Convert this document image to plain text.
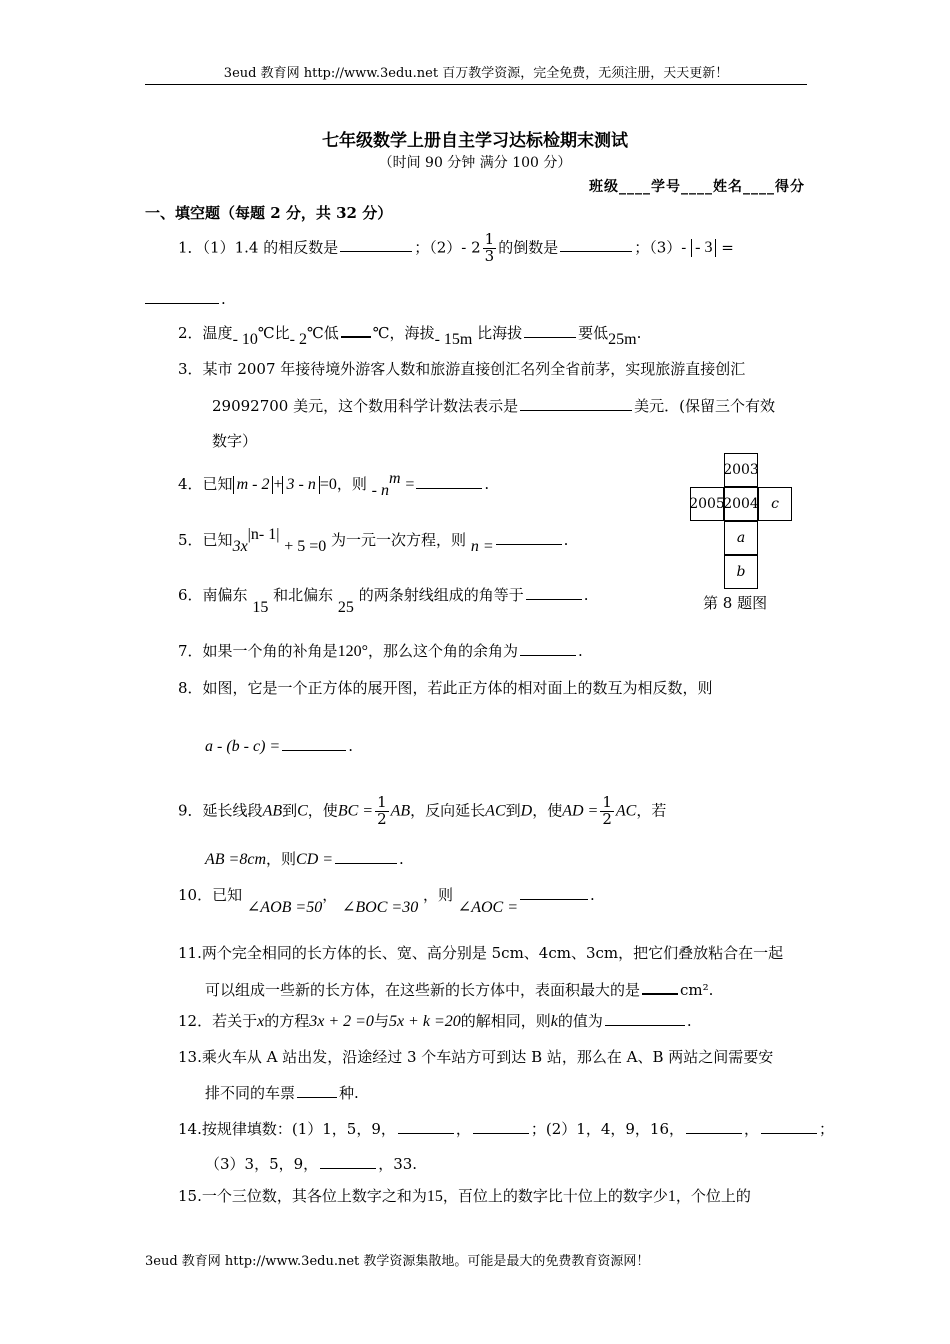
3eud 教育网 http://www.3edu.net 百万教学资源，完全免费，无须注册，天天更新！
七年级数学上册自主学习达标检期末测试
（时间 90 分钟 满分 100 分）
班级____学号____姓名____得分
一、填空题（每题 2 分，共 32 分）
1．（1）1.4 的相反数是	；（2）- $2 \frac{1}{3}$ 的倒数是	；（3）- - 3 =
.
2．温度- 10℃比- 2℃低 ℃，海拔- 15m 比海拔	要低25m.
3．某市 2007 年接待境外游客人数和旅游直接创汇名列全省前茅，实现旅游直接创汇
29092700 美元，这个数用科学计数法表示是	美元．(保留三个有效
数字）
4．已知 m - 2 + 3 - n =0，则 - $n^m$ =	.
5．已知$3x^{|n- 1|} + 5 =0$ 为一元一次方程，则 n =	.
6．南偏东 15 和北偏东 25 的两条射线组成的角等于	.
2003
2005
2004 c
a
b
第 8 题图
7．如果一个角的补角是120°，那么这个角的余角为	.
8．如图，它是一个正方体的展开图，若此正方体的相对面上的数互为相反数，则
a - (b - c) =	.
9．延长线段AB到C，使BC = $\frac{1}{2}$ AB，反向延长AC到D，使AD = $\frac{1}{2}$ AC，若
AB =8cm，则CD =	.
10．已知 ∠AOB =50， ∠BOC =30 ，则 ∠AOC =.
11.两个完全相同的长方体的长、宽、高分别是 5cm、4cm、3cm，把它们叠放粘合在一起
可以组成一些新的长方体，在这些新的长方体中，表面积最大的是	cm².
12．若关于x的方程3x + 2 =0与5x + k =20的解相同，则k的值为	.
13.乘火车从 A 站出发，沿途经过 3 个车站方可到达 B 站，那么在 A、B 两站之间需要安
排不同的车票	种.
14.按规律填数：(1）1，5，9，	，	；(2）1，4，9，16，	，	；
（3）3，5，9，	，33.
15.一个三位数，其各位上数字之和为15，百位上的数字比十位上的数字少1，个位上的
3eud 教育网 http://www.3edu.net 教学资源集散地。可能是最大的免费教育资源网！
